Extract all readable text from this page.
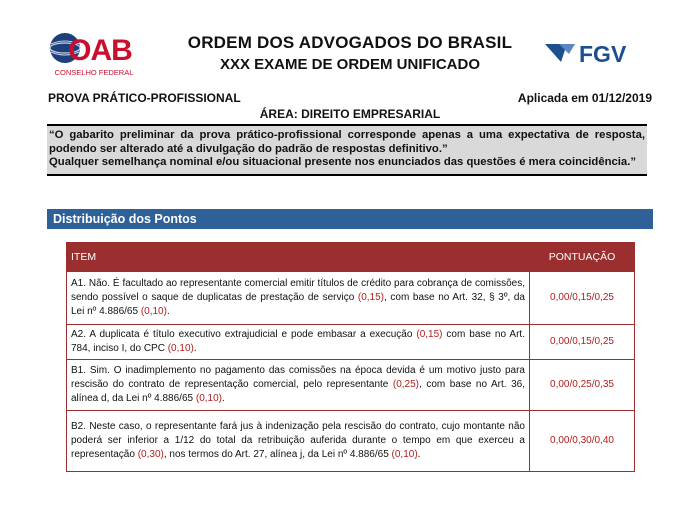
OAB
CONSELHO FEDERAL
ORDEM DOS ADVOGADOS DO BRASIL
XXX EXAME DE ORDEM UNIFICADO	FGV
PROVA PRÁTICO-PROFISSIONAL	Aplicada em 01/12/2019
ÁREA: DIREITO EMPRESARIAL
“O gabarito preliminar da prova prático-profissional corresponde apenas a uma expectativa de resposta,
podendo ser alterado até a divulgação do padrão de respostas definitivo.”
Qualquer semelhança nominal e/ou situacional presente nos enunciados das questões é mera coincidência.”
Distribuição dos Pontos
ITEM	PONTUAÇÃO
A1. Não. É facultado ao representante comercial emitir títulos de crédito para cobrança de comissões, sendo possível o saque de duplicatas de prestação de serviço (0,15), com base no Art. 32, § 3º, da Lei nº 4.886/65 (0,10).	0,00/0,15/0,25
A2. A duplicata é título executivo extrajudicial e pode embasar a execução (0,15) com base no Art. 784, inciso I, do CPC (0,10).	0,00/0,15/0,25
B1. Sim. O inadimplemento no pagamento das comissões na época devida é um motivo justo para rescisão do contrato de representação comercial, pelo representante (0,25), com base no Art. 36, alínea d, da Lei nº 4.886/65 (0,10).	0,00/0,25/0,35
B2. Neste caso, o representante fará jus à indenização pela rescisão do contrato, cujo montante não poderá ser inferior a 1/12 do total da retribuição auferida durante o tempo em que exerceu a representação (0,30), nos termos do Art. 27, alínea j, da Lei nº 4.886/65 (0,10).	0,00/0,30/0,40
